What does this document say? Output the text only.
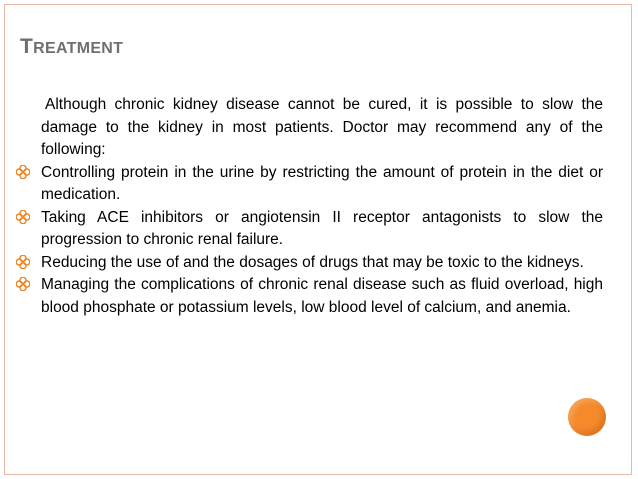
TREATMENT
Although chronic kidney disease cannot be cured, it is possible to slow the damage to the kidney in most patients. Doctor may recommend any of the following:
Controlling protein in the urine by restricting the amount of protein in the diet or medication.
Taking ACE inhibitors or angiotensin II receptor antagonists to slow the progression to chronic renal failure.
Reducing the use of and the dosages of drugs that may be toxic to the kidneys.
Managing the complications of chronic renal disease such as fluid overload, high blood phosphate or potassium levels, low blood level of calcium, and anemia.
